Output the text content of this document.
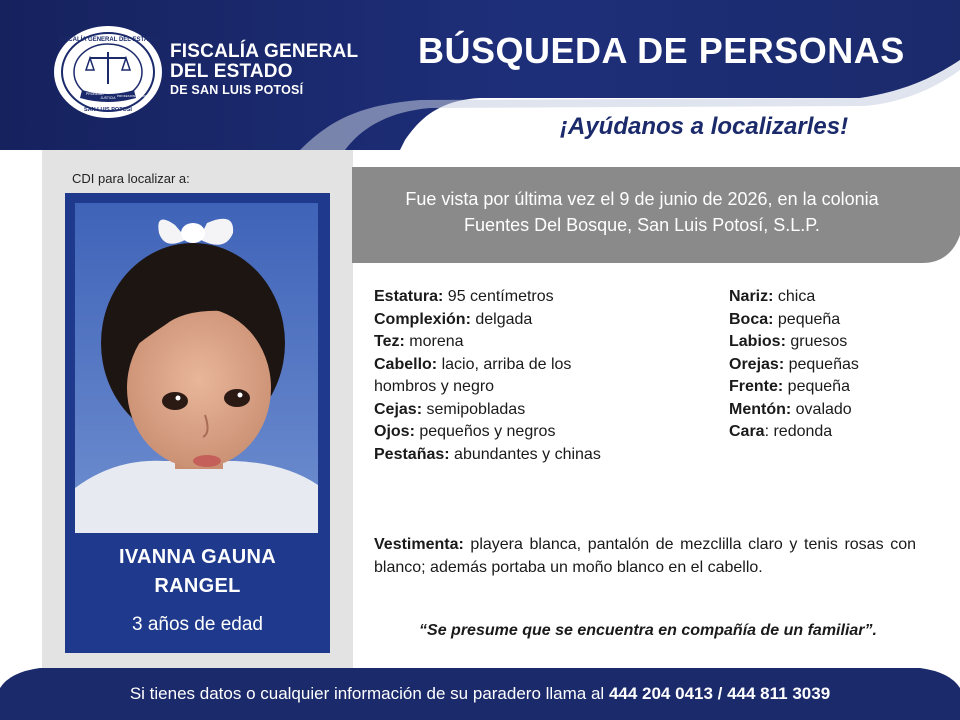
FISCALÍA GENERAL DEL ESTADO
PROBIDAD
JUSTICIA PROFESIONALISMO
SAN LUIS POTOSÍ
FISCALÍA GENERAL
DEL ESTADO
DE SAN LUIS POTOSÍ
BÚSQUEDA DE PERSONAS
¡Ayúdanos a localizarles!
CDI para localizar a:
IVANNA GAUNA
RANGEL
3 años de edad
Fue vista por última vez el 9 de junio de 2026, en la colonia Fuentes Del Bosque, San Luis Potosí, S.L.P.
Estatura: 95 centímetros
Complexión: delgada
Tez: morena
Cabello: lacio, arriba de los hombros y negro
Cejas: semipobladas
Ojos: pequeños y negros
Pestañas: abundantes y chinas
Nariz: chica
Boca: pequeña
Labios: gruesos
Orejas: pequeñas
Frente: pequeña
Mentón: ovalado
Cara: redonda
Vestimenta: playera blanca, pantalón de mezclilla claro y tenis rosas con blanco; además portaba un moño blanco en el cabello.
“Se presume que se encuentra en compañía de un familiar”.
Si tienes datos o cualquier información de su paradero llama al 444 204 0413 / 444 811 3039
